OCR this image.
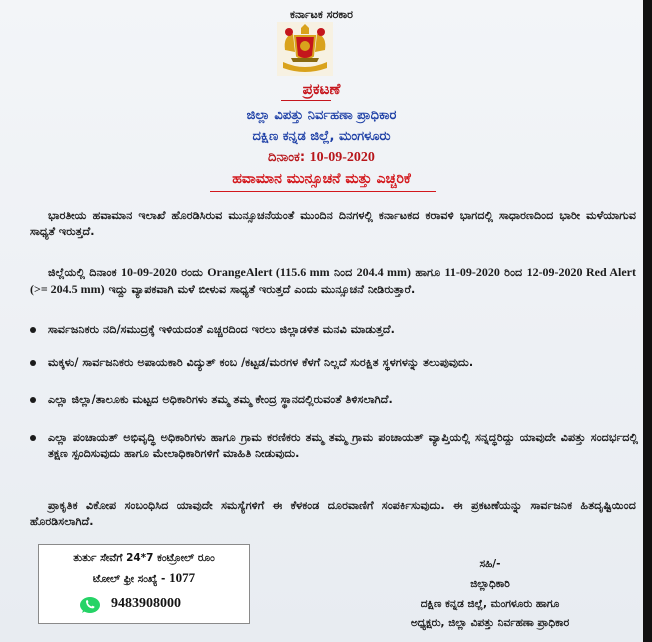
ಕರ್ನಾಟಕ ಸರಕಾರ
ಪ್ರಕಟಣೆ
ಜಿಲ್ಲಾ ವಿಪತ್ತು ನಿರ್ವಹಣಾ ಪ್ರಾಧಿಕಾರ
ದಕ್ಷಿಣ ಕನ್ನಡ ಜಿಲ್ಲೆ, ಮಂಗಳೂರು
ದಿನಾಂಕ: 10-09-2020
ಹವಾಮಾನ ಮುನ್ಸೂಚನೆ ಮತ್ತು ಎಚ್ಚರಿಕೆ
ಭಾರತೀಯ ಹವಾಮಾನ ಇಲಾಖೆ ಹೊರಡಿಸಿರುವ ಮುನ್ಸೂಚನೆಯಂತೆ ಮುಂದಿನ ದಿನಗಳಲ್ಲಿ ಕರ್ನಾಟಕದ ಕರಾವಳಿ ಭಾಗದಲ್ಲಿ ಸಾಧಾರಣದಿಂದ ಭಾರೀ ಮಳೆಯಾಗುವ ಸಾಧ್ಯತೆ ಇರುತ್ತದೆ.
ಜಿಲ್ಲೆಯಲ್ಲಿ ದಿನಾಂಕ 10-09-2020 ರಂದು OrangeAlert (115.6 mm ನಿಂದ 204.4 mm) ಹಾಗೂ 11-09-2020 ರಿಂದ 12-09-2020 Red Alert (>= 204.5 mm) ಇದ್ದು ವ್ಯಾಪಕವಾಗಿ ಮಳೆ ಬೀಳುವ ಸಾಧ್ಯತೆ ಇರುತ್ತದೆ ಎಂದು ಮುನ್ಸೂಚನೆ ನೀಡಿರುತ್ತಾರೆ.
ಸಾರ್ವಜನಿಕರು ನದಿ/ಸಮುದ್ರಕ್ಕೆ ಇಳಿಯದಂತೆ ಎಚ್ಚರದಿಂದ ಇರಲು ಜಿಲ್ಲಾಡಳಿತ ಮನವಿ ಮಾಡುತ್ತದೆ.
ಮಕ್ಕಳು/ ಸಾರ್ವಜನಿಕರು ಅಪಾಯಕಾರಿ ವಿದ್ಯುತ್ ಕಂಬ /ಕಟ್ಟಡ/ಮರಗಳ ಕೆಳಗೆ ನಿಲ್ಲದೆ ಸುರಕ್ಷಿತ ಸ್ಥಳಗಳನ್ನು ತಲುಪುವುದು.
ಎಲ್ಲಾ ಜಿಲ್ಲಾ/ತಾಲೂಕು ಮಟ್ಟದ ಅಧಿಕಾರಿಗಳು ತಮ್ಮ ತಮ್ಮ ಕೇಂದ್ರ ಸ್ಥಾನದಲ್ಲಿರುವಂತೆ ತಿಳಿಸಲಾಗಿದೆ.
ಎಲ್ಲಾ ಪಂಚಾಯತ್ ಅಭಿವೃದ್ಧಿ ಅಧಿಕಾರಿಗಳು ಹಾಗೂ ಗ್ರಾಮ ಕರಣಿಕರು ತಮ್ಮ ತಮ್ಮ ಗ್ರಾಮ ಪಂಚಾಯತ್ ವ್ಯಾಪ್ತಿಯಲ್ಲಿ ಸನ್ನದ್ಧರಿದ್ದು ಯಾವುದೇ ವಿಪತ್ತು ಸಂದರ್ಭದಲ್ಲಿ ತಕ್ಷಣ ಸ್ಪಂದಿಸುವುದು ಹಾಗೂ ಮೇಲಾಧಿಕಾರಿಗಳಿಗೆ ಮಾಹಿತಿ ನೀಡುವುದು.
ಪ್ರಾಕೃತಿಕ ವಿಕೋಪ ಸಂಬಂಧಿಸಿದ ಯಾವುದೇ ಸಮಸ್ಯೆಗಳಿಗೆ ಈ ಕೆಳಕಂಡ ದೂರವಾಣಿಗೆ ಸಂಪರ್ಕಿಸುವುದು. ಈ ಪ್ರಕಟಣೆಯನ್ನು ಸಾರ್ವಜನಿಕ ಹಿತದೃಷ್ಟಿಯಿಂದ ಹೊರಡಿಸಲಾಗಿದೆ.
ತುರ್ತು ಸೇವೆಗೆ 24*7 ಕಂಟ್ರೋಲ್ ರೂಂ
ಟೋಲ್ ಫ್ರೀ ಸಂಖ್ಯೆ - 1077
9483908000
ಸಹಿ/-
ಜಿಲ್ಲಾಧಿಕಾರಿ
ದಕ್ಷಿಣ ಕನ್ನಡ ಜಿಲ್ಲೆ, ಮಂಗಳೂರು ಹಾಗೂ
ಅಧ್ಯಕ್ಷರು, ಜಿಲ್ಲಾ ವಿಪತ್ತು ನಿರ್ವಹಣಾ ಪ್ರಾಧಿಕಾರ
